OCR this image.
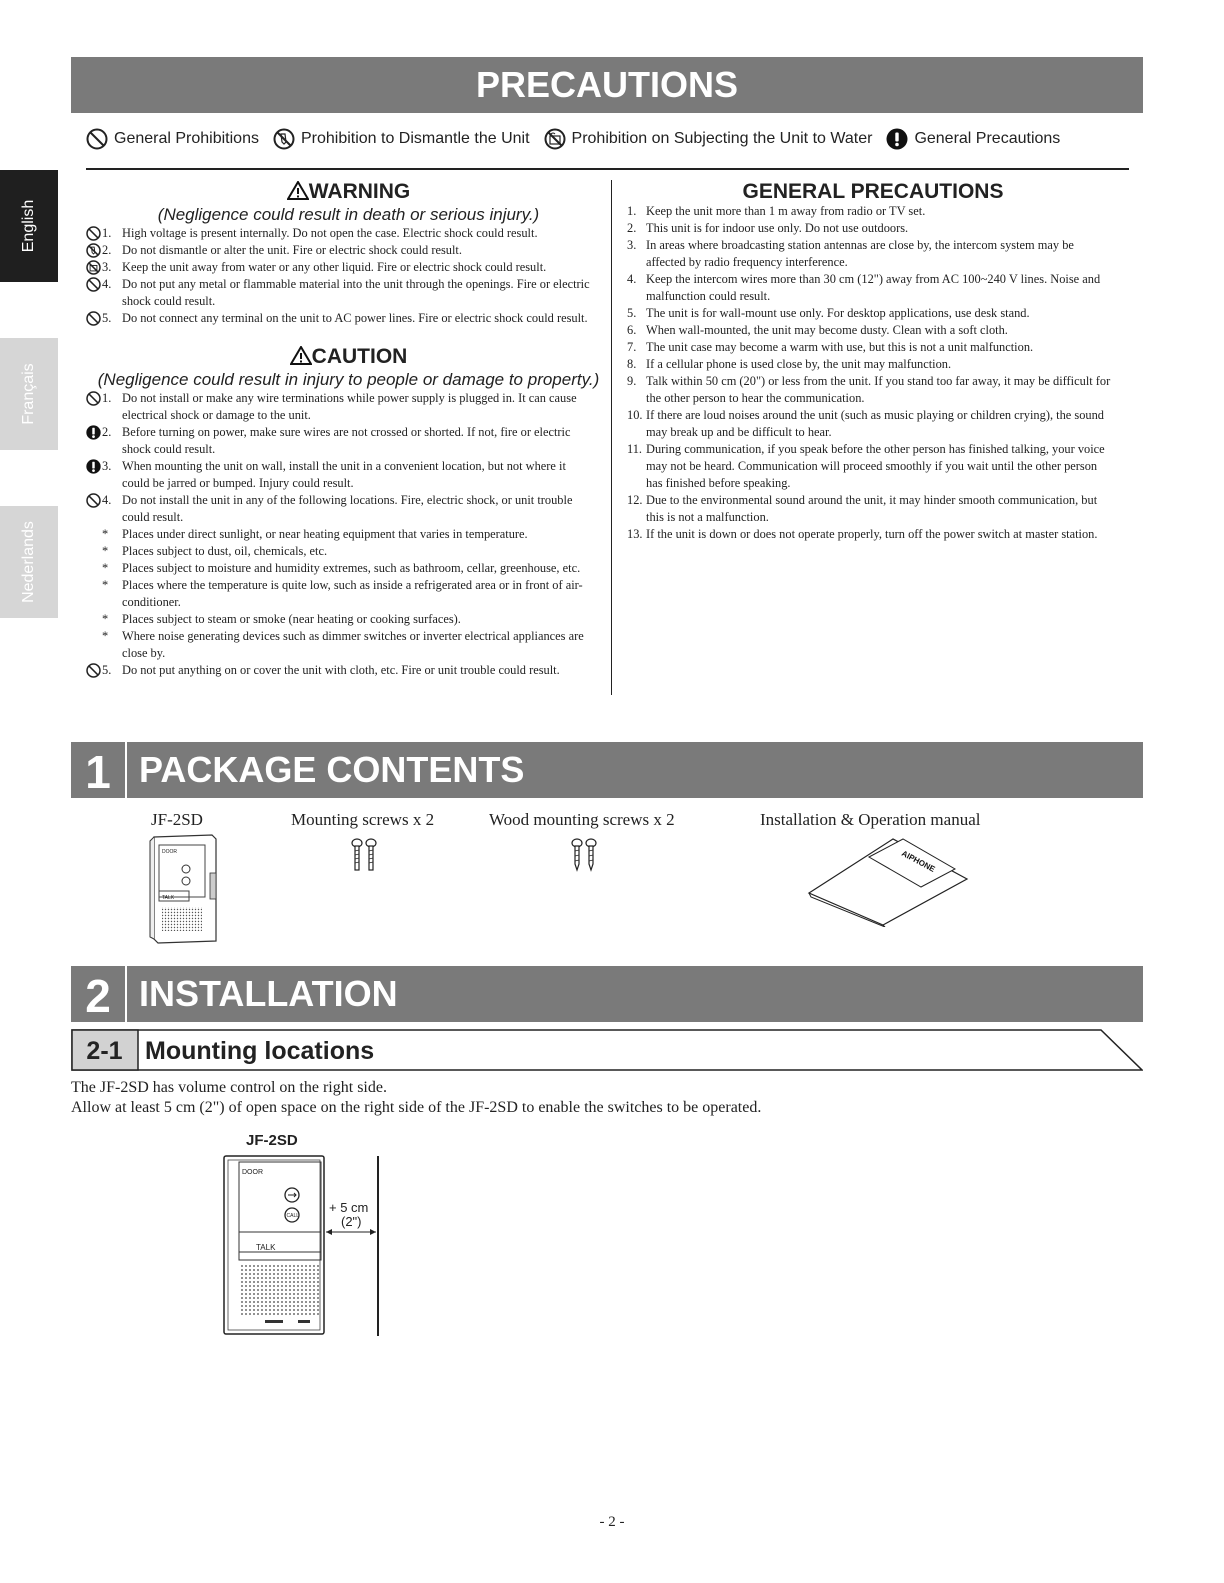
English
Français
Nederlands
PRECAUTIONS
General Prohibitions	Prohibition to Dismantle the Unit	Prohibition on Subjecting the Unit to Water	General Precautions
WARNING
(Negligence could result in death or serious injury.)
1. High voltage is present internally. Do not open the case. Electric shock could result.
2. Do not dismantle or alter the unit. Fire or electric shock could result.
3. Keep the unit away from water or any other liquid. Fire or electric shock could result.
4. Do not put any metal or flammable material into the unit through the openings. Fire or electric shock could result.
5. Do not connect any terminal on the unit to AC power lines. Fire or electric shock could result.
CAUTION
(Negligence could result in injury to people or damage to property.)
1. Do not install or make any wire terminations while power supply is plugged in. It can cause electrical shock or damage to the unit.
2. Before turning on power, make sure wires are not crossed or shorted. If not, fire or electric shock could result.
3. When mounting the unit on wall, install the unit in a convenient location, but not where it could be jarred or bumped. Injury could result.
4. Do not install the unit in any of the following locations. Fire, electric shock, or unit trouble could result.
* Places under direct sunlight, or near heating equipment that varies in temperature.
* Places subject to dust, oil, chemicals, etc.
* Places subject to moisture and humidity extremes, such as bathroom, cellar, greenhouse, etc.
* Places where the temperature is quite low, such as inside a refrigerated area or in front of air-conditioner.
* Places subject to steam or smoke (near heating or cooking surfaces).
* Where noise generating devices such as dimmer switches or inverter electrical appliances are close by.
5. Do not put anything on or cover the unit with cloth, etc. Fire or unit trouble could result.
GENERAL PRECAUTIONS
1. Keep the unit more than 1 m away from radio or TV set.
2. This unit is for indoor use only. Do not use outdoors.
3. In areas where broadcasting station antennas are close by, the intercom system may be affected by radio frequency interference.
4. Keep the intercom wires more than 30 cm (12") away from AC 100~240 V lines. Noise and malfunction could result.
5. The unit is for wall-mount use only. For desktop applications, use desk stand.
6. When wall-mounted, the unit may become dusty. Clean with a soft cloth.
7. The unit case may become a warm with use, but this is not a unit malfunction.
8. If a cellular phone is used close by, the unit may malfunction.
9. Talk within 50 cm (20") or less from the unit. If you stand too far away, it may be difficult for the other person to hear the communication.
10. If there are loud noises around the unit (such as music playing or children crying), the sound may break up and be difficult to hear.
11. During communication, if you speak before the other person has finished talking, your voice may not be heard. Communication will proceed smoothly if you wait until the other person has finished before speaking.
12. Due to the environmental sound around the unit, it may hinder smooth communication, but this is not a malfunction.
13. If the unit is down or does not operate properly, turn off the power switch at master station.
1 PACKAGE CONTENTS
JF-2SD	Mounting screws x 2	Wood mounting screws x 2	Installation & Operation manual
DOOR
TALK
AIPHONE
2 INSTALLATION
2-1 Mounting locations
The JF-2SD has volume control on the right side.
Allow at least 5 cm (2") of open space on the right side of the JF-2SD to enable the switches to be operated.
JF-2SD
DOOR
CALL
TALK
+ 5 cm
(2")
- 2 -
